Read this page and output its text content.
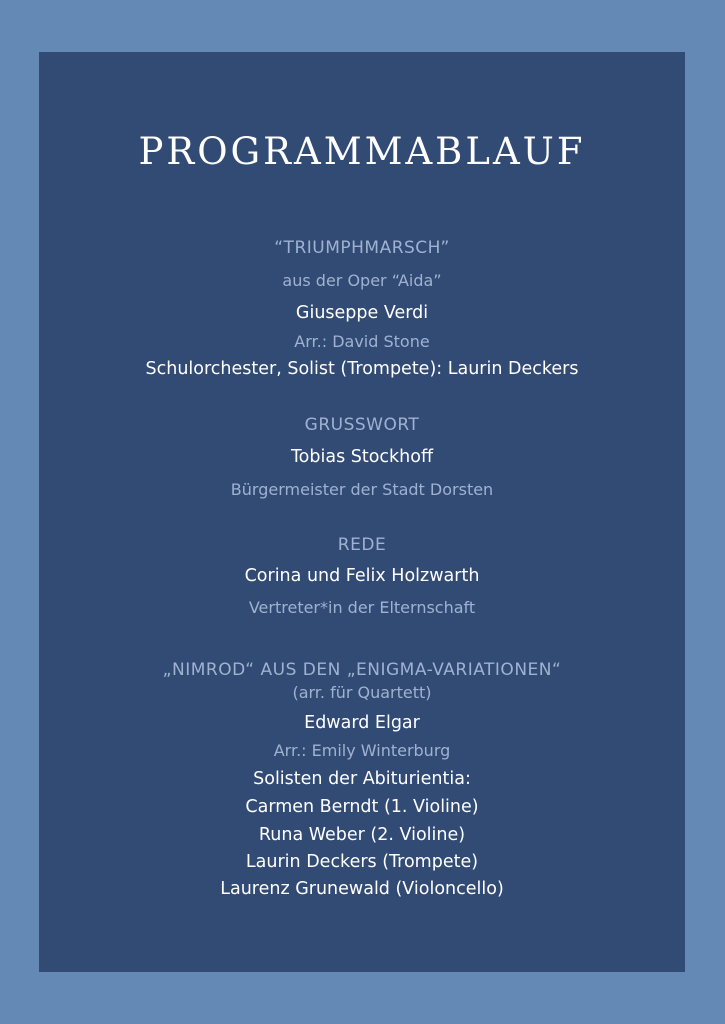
PROGRAMMABLAUF
“TRIUMPHMARSCH”
aus der Oper “Aida”
Giuseppe Verdi
Arr.: David Stone
Schulorchester, Solist (Trompete): Laurin Deckers
GRUSSWORT
Tobias Stockhoff
Bürgermeister der Stadt Dorsten
REDE
Corina und Felix Holzwarth
Vertreter*in der Elternschaft
„NIMROD“ AUS DEN „ENIGMA-VARIATIONEN“
(arr. für Quartett)
Edward Elgar
Arr.: Emily Winterburg
Solisten der Abiturientia:
Carmen Berndt (1. Violine)
Runa Weber (2. Violine)
Laurin Deckers (Trompete)
Laurenz Grunewald (Violoncello)
